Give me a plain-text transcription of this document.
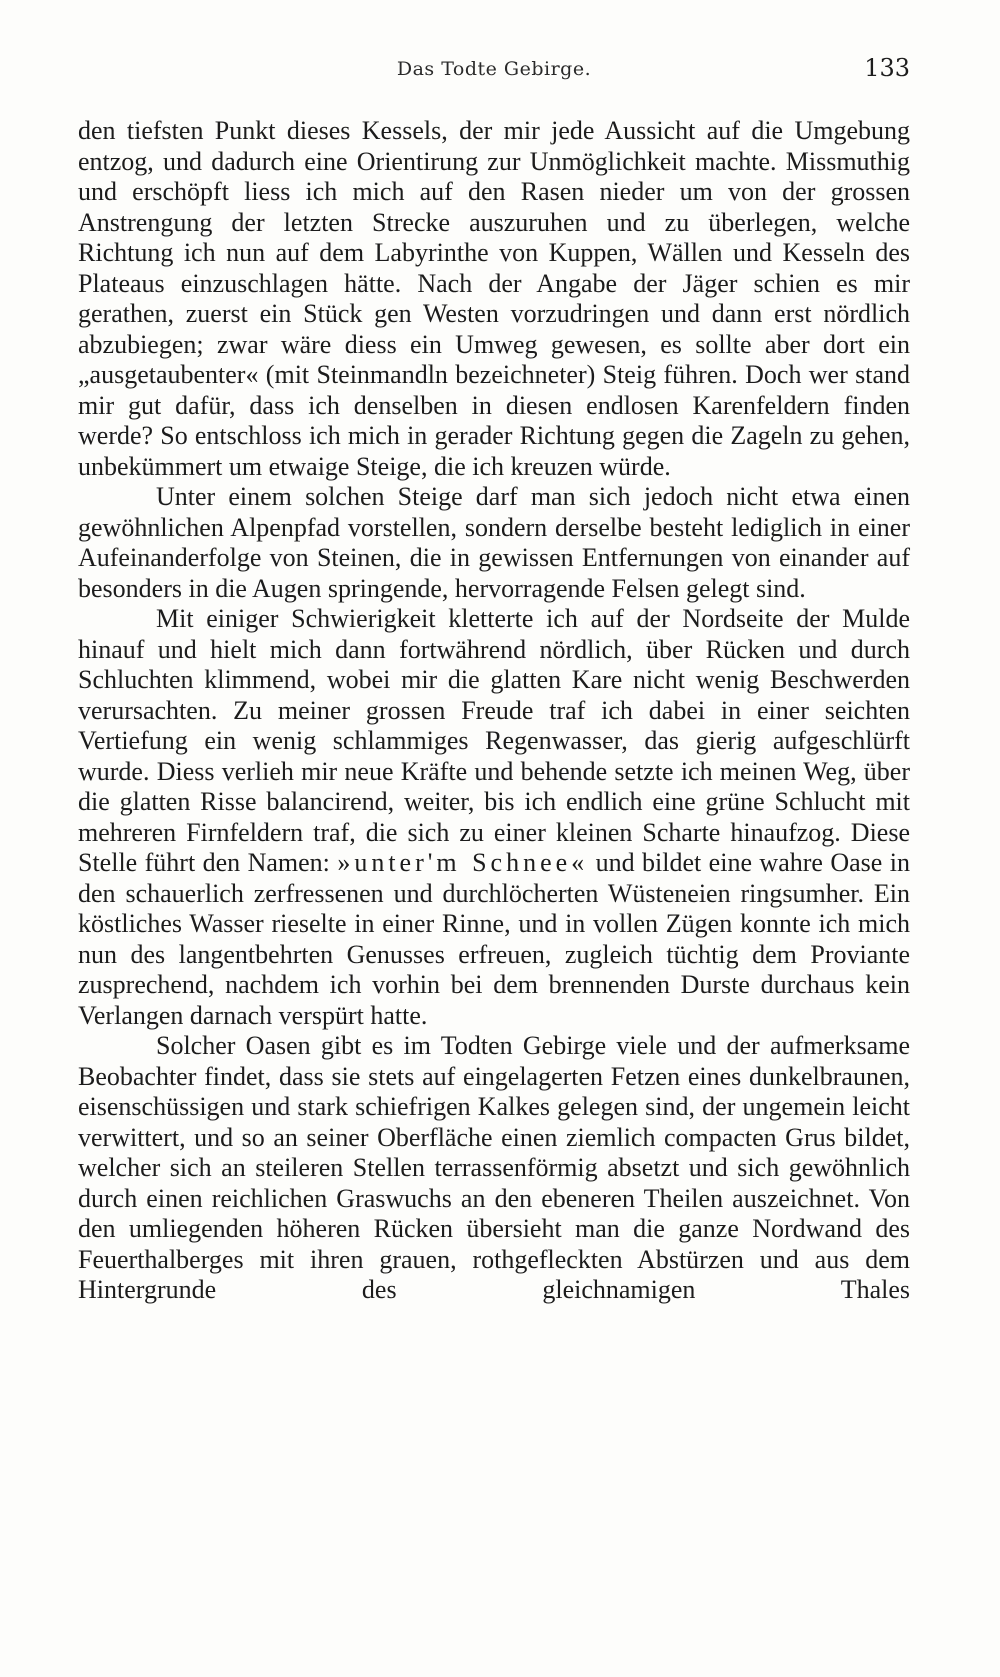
Das Todte Gebirge.	133

den tiefsten Punkt dieses Kessels, der mir jede Aussicht auf die Umgebung entzog, und dadurch eine Orientirung zur Unmöglichkeit machte. Missmuthig und erschöpft liess ich mich auf den Rasen nieder um von der grossen Anstrengung der letzten Strecke auszuruhen und zu überlegen, welche Richtung ich nun auf dem Labyrinthe von Kuppen, Wällen und Kesseln des Plateaus einzuschlagen hätte. Nach der Angabe der Jäger schien es mir gerathen, zuerst ein Stück gen Westen vorzudringen und dann erst nördlich abzubiegen; zwar wäre diess ein Umweg gewesen, es sollte aber dort ein „ausgetaubenter« (mit Steinmandln bezeichneter) Steig führen. Doch wer stand mir gut dafür, dass ich denselben in diesen endlosen Karenfeldern finden werde? So entschloss ich mich in gerader Richtung gegen die Zageln zu gehen, unbekümmert um etwaige Steige, die ich kreuzen würde.

Unter einem solchen Steige darf man sich jedoch nicht etwa einen gewöhnlichen Alpenpfad vorstellen, sondern derselbe besteht lediglich in einer Aufeinanderfolge von Steinen, die in gewissen Entfernungen von einander auf besonders in die Augen springende, hervorragende Felsen gelegt sind.

Mit einiger Schwierigkeit kletterte ich auf der Nordseite der Mulde hinauf und hielt mich dann fortwährend nördlich, über Rücken und durch Schluchten klimmend, wobei mir die glatten Kare nicht wenig Beschwerden verursachten. Zu meiner grossen Freude traf ich dabei in einer seichten Vertiefung ein wenig schlammiges Regenwasser, das gierig aufgeschlürft wurde. Diess verlieh mir neue Kräfte und behende setzte ich meinen Weg, über die glatten Risse balancirend, weiter, bis ich endlich eine grüne Schlucht mit mehreren Firnfeldern traf, die sich zu einer kleinen Scharte hinaufzog. Diese Stelle führt den Namen: »unter'm Schnee« und bildet eine wahre Oase in den schauerlich zerfressenen und durchlöcherten Wüsteneien ringsumher. Ein köstliches Wasser rieselte in einer Rinne, und in vollen Zügen konnte ich mich nun des langentbehrten Genusses erfreuen, zugleich tüchtig dem Proviante zusprechend, nachdem ich vorhin bei dem brennenden Durste durchaus kein Verlangen darnach verspürt hatte.

Solcher Oasen gibt es im Todten Gebirge viele und der aufmerksame Beobachter findet, dass sie stets auf eingelagerten Fetzen eines dunkelbraunen, eisenschüssigen und stark schiefrigen Kalkes gelegen sind, der ungemein leicht verwittert, und so an seiner Oberfläche einen ziemlich compacten Grus bildet, welcher sich an steileren Stellen terrassenförmig absetzt und sich gewöhnlich durch einen reichlichen Graswuchs an den ebeneren Theilen auszeichnet. Von den umliegenden höheren Rücken übersieht man die ganze Nordwand des Feuerthalberges mit ihren grauen, rothgefleckten Abstürzen und aus dem Hintergrunde des gleichnamigen Thales
